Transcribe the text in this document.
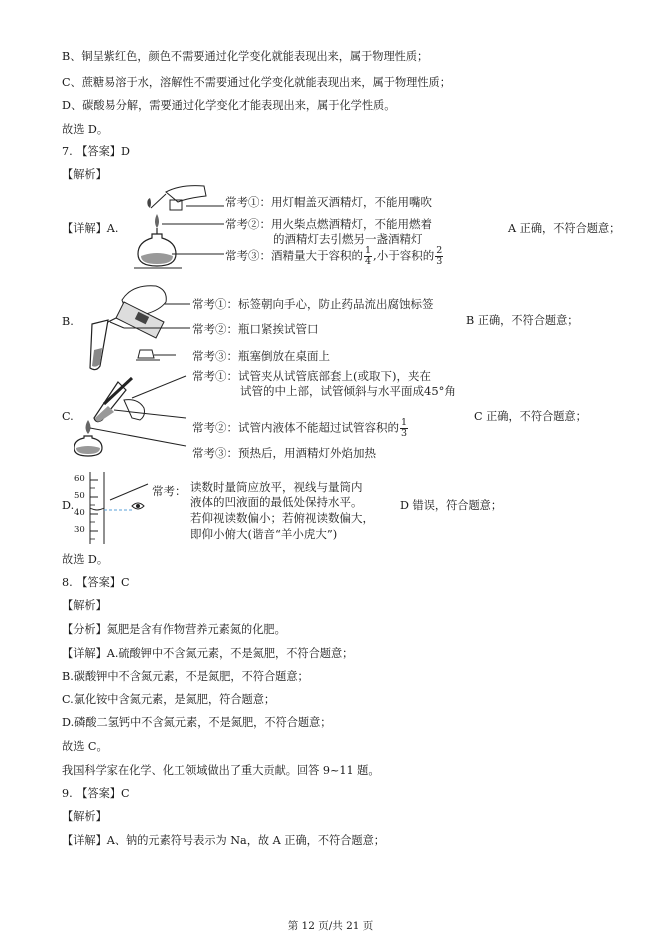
B、铜呈紫红色，颜色不需要通过化学变化就能表现出来，属于物理性质；
C、蔗糖易溶于水，溶解性不需要通过化学变化就能表现出来，属于物理性质；
D、碳酸易分解，需要通过化学变化才能表现出来，属于化学性质。
故选 D。
7. 【答案】D
【解析】
【详解】A.
常考①：用灯帽盖灭酒精灯，不能用嘴吹
常考②：用火柴点燃酒精灯，不能用燃着
的酒精灯去引燃另一盏酒精灯
常考③：酒精量大于容积的 $\frac{1}{4}$ ,小于容积的 $\frac{2}{3}$
A 正确，不符合题意；
B.
常考①：标签朝向手心，防止药品流出腐蚀标签
常考②：瓶口紧挨试管口
常考③：瓶塞倒放在桌面上
B 正确，不符合题意；
C.
常考①：试管夹从试管底部套上(或取下)，夹在
试管的中上部，试管倾斜与水平面成45°角
常考②：试管内液体不能超过试管容积的 $\frac{1}{3}$
常考③：预热后，用酒精灯外焰加热
C 正确，不符合题意；
D.
60
50
40
30
常考： 读数时量筒应放平，视线与量筒内
液体的凹液面的最低处保持水平。
若仰视读数偏小；若俯视读数偏大，
即仰小俯大(谐音“羊小虎大”)
D 错误，符合题意；
故选 D。
8. 【答案】C
【解析】
【分析】氮肥是含有作物营养元素氮的化肥。
【详解】A.硫酸钾中不含氮元素，不是氮肥，不符合题意；
B.碳酸钾中不含氮元素，不是氮肥，不符合题意；
C.氯化铵中含氮元素，是氮肥，符合题意；
D.磷酸二氢钙中不含氮元素，不是氮肥，不符合题意；
故选 C。
我国科学家在化学、化工领域做出了重大贡献。回答 9~11 题。
9. 【答案】C
【解析】
【详解】A、钠的元素符号表示为 Na，故 A 正确，不符合题意；
第 12 页/共 21 页
